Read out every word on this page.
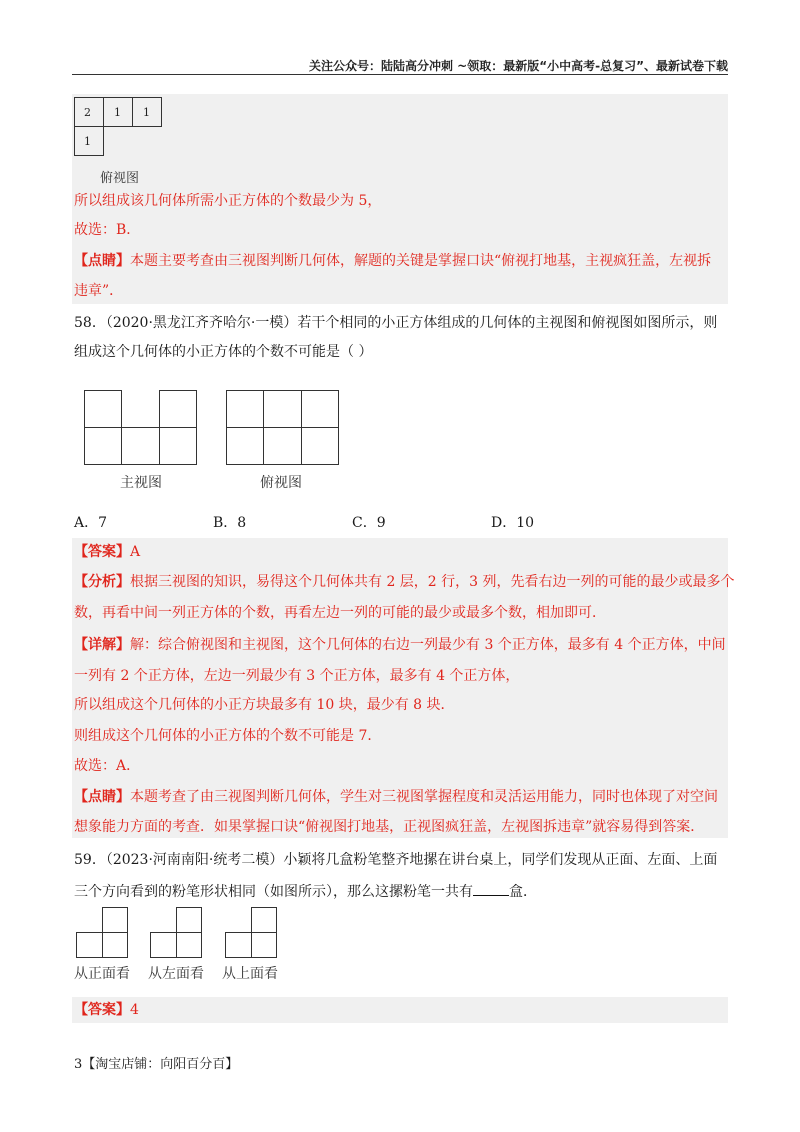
关注公众号：陆陆高分冲刺 ~领取：最新版“小中高考-总复习”、最新试卷下载
2 1 1
1
俯视图
所以组成该几何体所需小正方体的个数最少为 5，
故选：B．
【点睛】本题主要考查由三视图判断几何体，解题的关键是掌握口诀“俯视打地基，主视疯狂盖，左视拆
违章”．
58．（2020·黑龙江齐齐哈尔·一模）若干个相同的小正方体组成的几何体的主视图和俯视图如图所示，则
组成这个几何体的小正方体的个数不可能是（ ）
主视图	俯视图
A．7	B．8	C．9	D．10
【答案】A
【分析】根据三视图的知识，易得这个几何体共有 2 层，2 行，3 列，先看右边一列的可能的最少或最多个
数，再看中间一列正方体的个数，再看左边一列的可能的最少或最多个数，相加即可．
【详解】解：综合俯视图和主视图，这个几何体的右边一列最少有 3 个正方体，最多有 4 个正方体，中间
一列有 2 个正方体，左边一列最少有 3 个正方体，最多有 4 个正方体，
所以组成这个几何体的小正方块最多有 10 块，最少有 8 块．
则组成这个几何体的小正方体的个数不可能是 7．
故选：A．
【点睛】本题考查了由三视图判断几何体，学生对三视图掌握程度和灵活运用能力，同时也体现了对空间
想象能力方面的考查．如果掌握口诀“俯视图打地基，正视图疯狂盖，左视图拆违章”就容易得到答案．
59．（2023·河南南阳·统考二模）小颖将几盒粉笔整齐地摞在讲台桌上，同学们发现从正面、左面、上面
三个方向看到的粉笔形状相同（如图所示），那么这摞粉笔一共有	盒．
从正面看 从左面看 从上面看
【答案】4
3【淘宝店铺：向阳百分百】
